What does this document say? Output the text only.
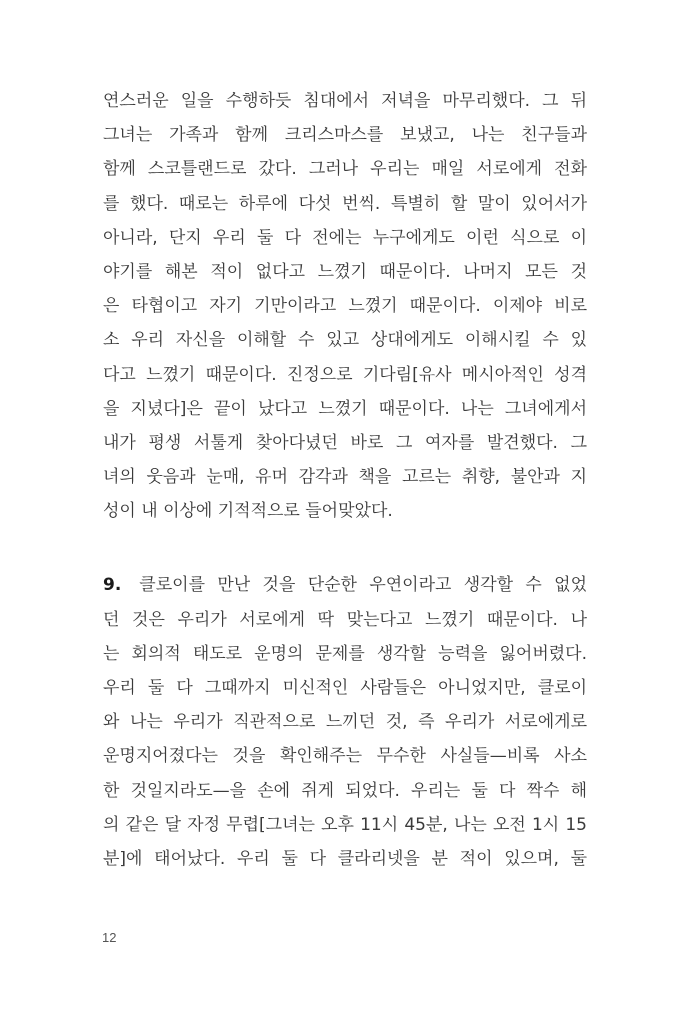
연스러운 일을 수행하듯 침대에서 저녁을 마무리했다. 그 뒤
그녀는 가족과 함께 크리스마스를 보냈고, 나는 친구들과
함께 스코틀랜드로 갔다. 그러나 우리는 매일 서로에게 전화
를 했다. 때로는 하루에 다섯 번씩. 특별히 할 말이 있어서가
아니라, 단지 우리 둘 다 전에는 누구에게도 이런 식으로 이
야기를 해본 적이 없다고 느꼈기 때문이다. 나머지 모든 것
은 타협이고 자기 기만이라고 느꼈기 때문이다. 이제야 비로
소 우리 자신을 이해할 수 있고 상대에게도 이해시킬 수 있
다고 느꼈기 때문이다. 진정으로 기다림[유사 메시아적인 성격
을 지녔다]은 끝이 났다고 느꼈기 때문이다. 나는 그녀에게서
내가 평생 서툴게 찾아다녔던 바로 그 여자를 발견했다. 그
녀의 웃음과 눈매, 유머 감각과 책을 고르는 취향, 불안과 지
성이 내 이상에 기적적으로 들어맞았다.
9. 클로이를 만난 것을 단순한 우연이라고 생각할 수 없었
던 것은 우리가 서로에게 딱 맞는다고 느꼈기 때문이다. 나
는 회의적 태도로 운명의 문제를 생각할 능력을 잃어버렸다.
우리 둘 다 그때까지 미신적인 사람들은 아니었지만, 클로이
와 나는 우리가 직관적으로 느끼던 것, 즉 우리가 서로에게로
운명지어졌다는 것을 확인해주는 무수한 사실들—비록 사소
한 것일지라도—을 손에 쥐게 되었다. 우리는 둘 다 짝수 해
의 같은 달 자정 무렵[그녀는 오후 11시 45분, 나는 오전 1시 15
분]에 태어났다. 우리 둘 다 클라리넷을 분 적이 있으며, 둘
12
